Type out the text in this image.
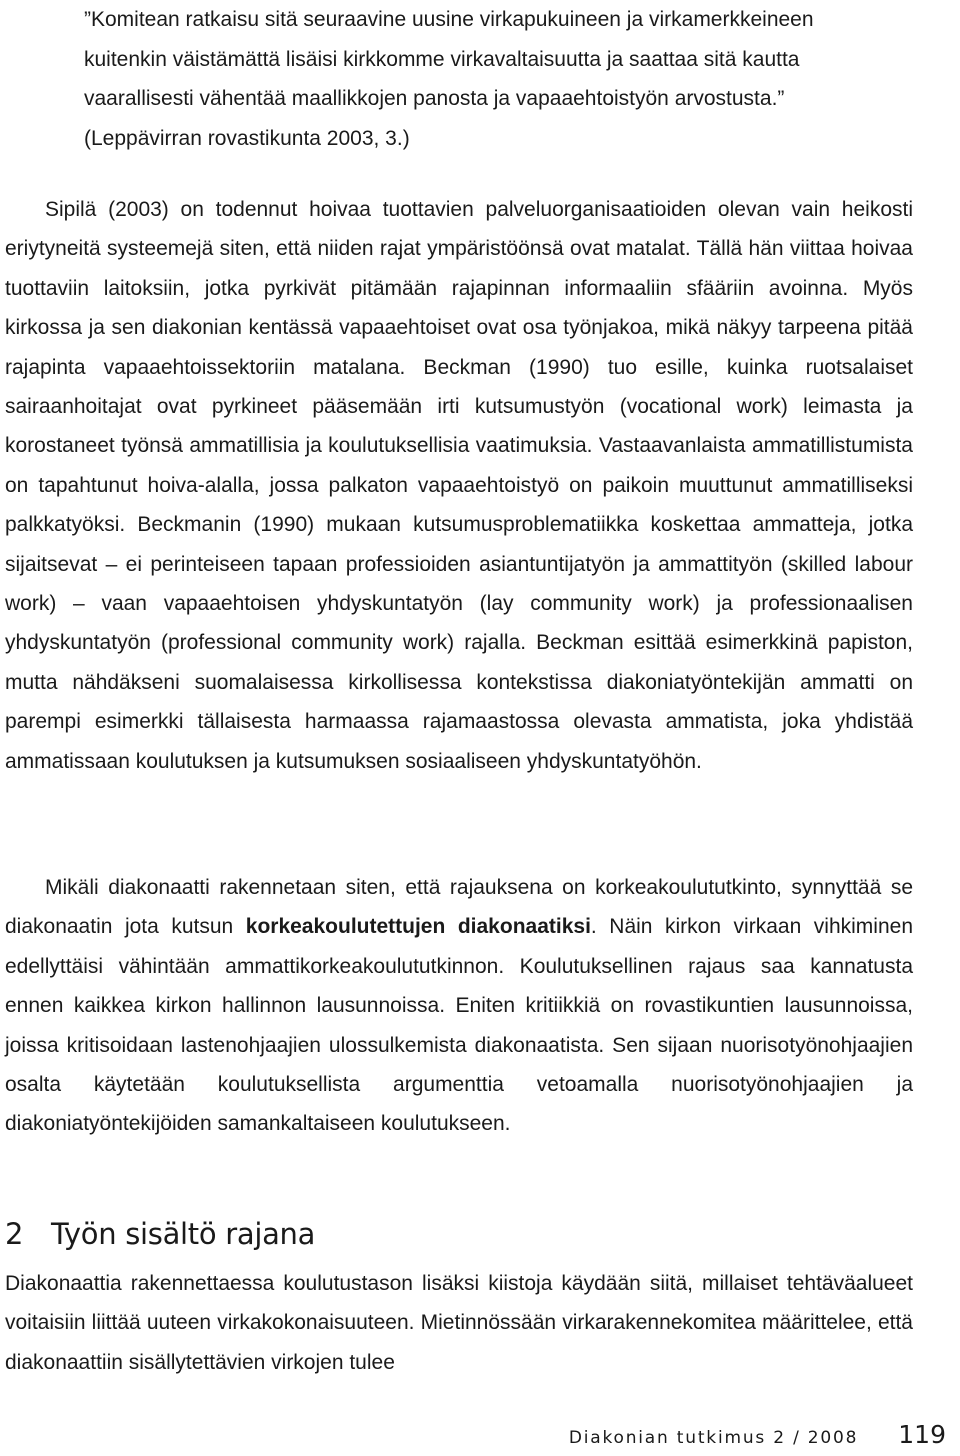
”Komitean ratkaisu sitä seuraavine uusine virkapukuineen ja virkamerkkeineen kuitenkin väistämättä lisäisi kirkkomme virkavaltaisuutta ja saattaa sitä kautta vaarallisesti vähentää maallikkojen panosta ja vapaaehtoistyön arvostusta.” (Leppävirran rovastikunta 2003, 3.)

Sipilä (2003) on todennut hoivaa tuottavien palveluorganisaatioiden olevan vain heikosti eriytyneitä systeemejä siten, että niiden rajat ympäristöönsä ovat matalat. Tällä hän viittaa hoivaa tuottaviin laitoksiin, jotka pyrkivät pitämään rajapinnan informaaliin sfääriin avoinna. Myös kirkossa ja sen diakonian kentässä vapaaehtoiset ovat osa työnjakoa, mikä näkyy tarpeena pitää rajapinta vapaaehtoissektoriin matalana. Beckman (1990) tuo esille, kuinka ruotsalaiset sairaanhoitajat ovat pyrkineet pääsemään irti kutsumustyön (vocational work) leimasta ja korostaneet työnsä ammatillisia ja koulutuksellisia vaatimuksia. Vastaavanlaista ammatillistumista on tapahtunut hoiva-alalla, jossa palkaton vapaaehtoistyö on paikoin muuttunut ammatilliseksi palkkatyöksi. Beckmanin (1990) mukaan kutsumusproblematiikka koskettaa ammatteja, jotka sijaitsevat – ei perinteiseen tapaan professioiden asiantuntijatyön ja ammattityön (skilled labour work) – vaan vapaaehtoisen yhdyskuntatyön (lay community work) ja professionaalisen yhdyskuntatyön (professional community work) rajalla. Beckman esittää esimerkkinä papiston, mutta nähdäkseni suomalaisessa kirkollisessa kontekstissa diakoniatyöntekijän ammatti on parempi esimerkki tällaisesta harmaassa rajamaastossa olevasta ammatista, joka yhdistää ammatissaan koulutuksen ja kutsumuksen sosiaaliseen yhdyskuntatyöhön.

Mikäli diakonaatti rakennetaan siten, että rajauksena on korkeakoulututkinto, synnyttää se diakonaatin jota kutsun korkeakoulutettujen diakonaatiksi. Näin kirkon virkaan vihkiminen edellyttäisi vähintään ammattikorkeakoulututkinnon. Koulutuksellinen rajaus saa kannatusta ennen kaikkea kirkon hallinnon lausunnoissa. Eniten kritiikkiä on rovastikuntien lausunnoissa, joissa kritisoidaan lastenohjaajien ulossulkemista diakonaatista. Sen sijaan nuorisotyönohjaajien osalta käytetään koulutuksellista argumenttia vetoamalla nuorisotyönohjaajien ja diakoniatyöntekijöiden samankaltaiseen koulutukseen.

2 Työn sisältö rajana

Diakonaattia rakennettaessa koulutustason lisäksi kiistoja käydään siitä, millaiset tehtäväalueet voitaisiin liittää uuteen virkakokonaisuuteen. Mietinnössään virkarakennekomitea määrittelee, että diakonaattiin sisällytettävien virkojen tulee

Diakonian tutkimus 2 / 2008 119
